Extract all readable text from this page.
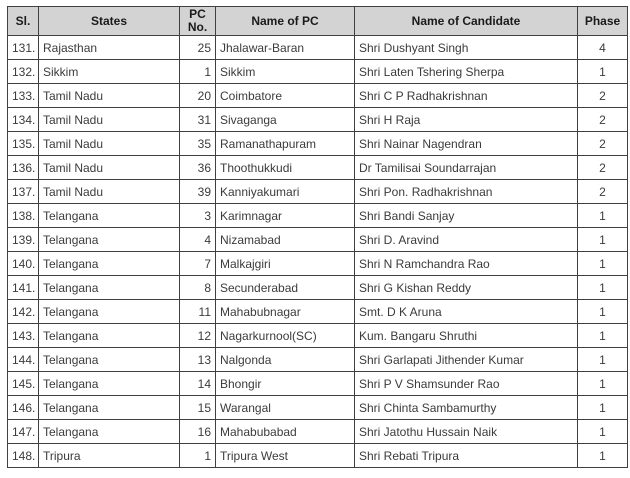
Sl.	States	PC No.	Name of PC	Name of Candidate	Phase
131.	Rajasthan	25	Jhalawar-Baran	Shri Dushyant Singh	4
132.	Sikkim	1	Sikkim	Shri Laten Tshering Sherpa	1
133.	Tamil Nadu	20	Coimbatore	Shri C P Radhakrishnan	2
134.	Tamil Nadu	31	Sivaganga	Shri H Raja	2
135.	Tamil Nadu	35	Ramanathapuram	Shri Nainar Nagendran	2
136.	Tamil Nadu	36	Thoothukkudi	Dr Tamilisai Soundarrajan	2
137.	Tamil Nadu	39	Kanniyakumari	Shri Pon. Radhakrishnan	2
138.	Telangana	3	Karimnagar	Shri Bandi Sanjay	1
139.	Telangana	4	Nizamabad	Shri D. Aravind	1
140.	Telangana	7	Malkajgiri	Shri N Ramchandra Rao	1
141.	Telangana	8	Secunderabad	Shri G Kishan Reddy	1
142.	Telangana	11	Mahabubnagar	Smt. D K Aruna	1
143.	Telangana	12	Nagarkurnool(SC)	Kum. Bangaru Shruthi	1
144.	Telangana	13	Nalgonda	Shri Garlapati Jithender Kumar	1
145.	Telangana	14	Bhongir	Shri P V Shamsunder Rao	1
146.	Telangana	15	Warangal	Shri Chinta Sambamurthy	1
147.	Telangana	16	Mahabubabad	Shri Jatothu Hussain Naik	1
148.	Tripura	1	Tripura West	Shri Rebati Tripura	1
